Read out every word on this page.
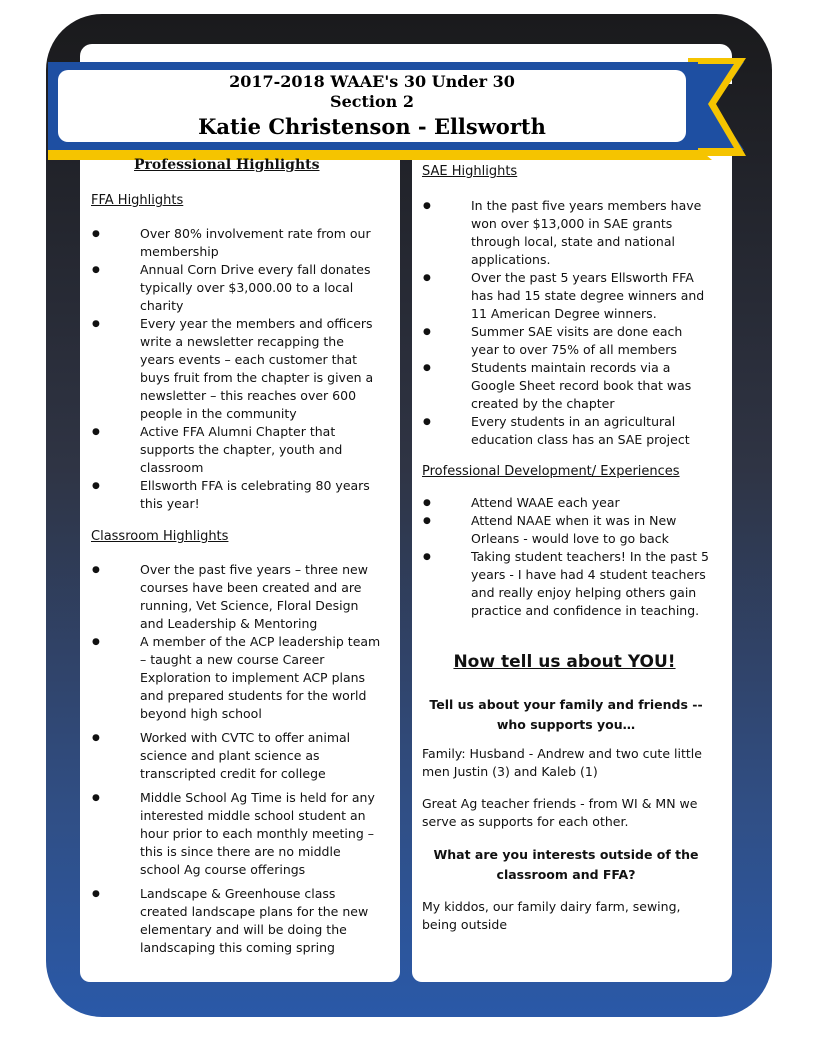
2017-2018 WAAE's 30 Under 30
Section 2
Katie Christenson - Ellsworth
Professional Highlights
FFA Highlights
● Over 80% involvement rate from our membership
● Annual Corn Drive every fall donates typically over $3,000.00 to a local charity
● Every year the members and officers write a newsletter recapping the years events – each customer that buys fruit from the chapter is given a newsletter – this reaches over 600 people in the community
● Active FFA Alumni Chapter that supports the chapter, youth and classroom
● Ellsworth FFA is celebrating 80 years this year!
Classroom Highlights
● Over the past five years – three new courses have been created and are running, Vet Science, Floral Design and Leadership & Mentoring
● A member of the ACP leadership team – taught a new course Career Exploration to implement ACP plans and prepared students for the world beyond high school
● Worked with CVTC to offer animal science and plant science as transcripted credit for college
● Middle School Ag Time is held for any interested middle school student an hour prior to each monthly meeting – this is since there are no middle school Ag course offerings
● Landscape & Greenhouse class created landscape plans for the new elementary and will be doing the landscaping this coming spring
SAE Highlights
● In the past five years members have won over $13,000 in SAE grants through local, state and national applications.
● Over the past 5 years Ellsworth FFA has had 15 state degree winners and 11 American Degree winners.
● Summer SAE visits are done each year to over 75% of all members
● Students maintain records via a Google Sheet record book that was created by the chapter
● Every students in an agricultural education class has an SAE project
Professional Development/ Experiences
● Attend WAAE each year
● Attend NAAE when it was in New Orleans - would love to go back
● Taking student teachers! In the past 5 years - I have had 4 student teachers and really enjoy helping others gain practice and confidence in teaching.
Now tell us about YOU!
Tell us about your family and friends -- who supports you…
Family: Husband - Andrew and two cute little men Justin (3) and Kaleb (1)
Great Ag teacher friends - from WI & MN we serve as supports for each other.
What are you interests outside of the classroom and FFA?
My kiddos, our family dairy farm, sewing, being outside
